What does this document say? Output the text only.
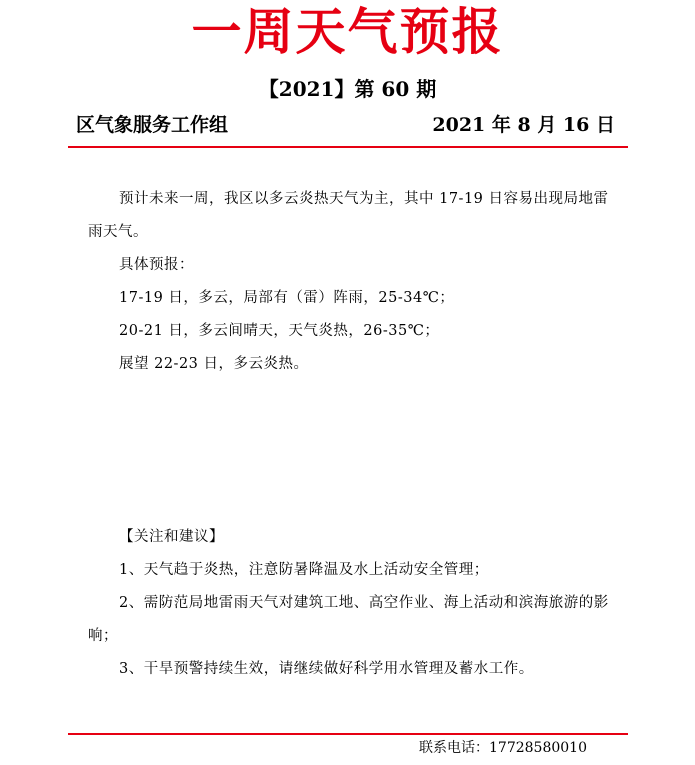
一周天气预报
【2021】第 60 期
区气象服务工作组	2021 年 8 月 16 日

预计未来一周，我区以多云炎热天气为主，其中 17-19 日容易出现局地雷雨天气。

具体预报：

17-19 日，多云，局部有（雷）阵雨，25-34℃；

20-21 日，多云间晴天，天气炎热，26-35℃；

展望 22-23 日，多云炎热。

【关注和建议】

1、天气趋于炎热，注意防暑降温及水上活动安全管理；

2、需防范局地雷雨天气对建筑工地、高空作业、海上活动和滨海旅游的影响；

3、干旱预警持续生效，请继续做好科学用水管理及蓄水工作。

联系电话：17728580010
